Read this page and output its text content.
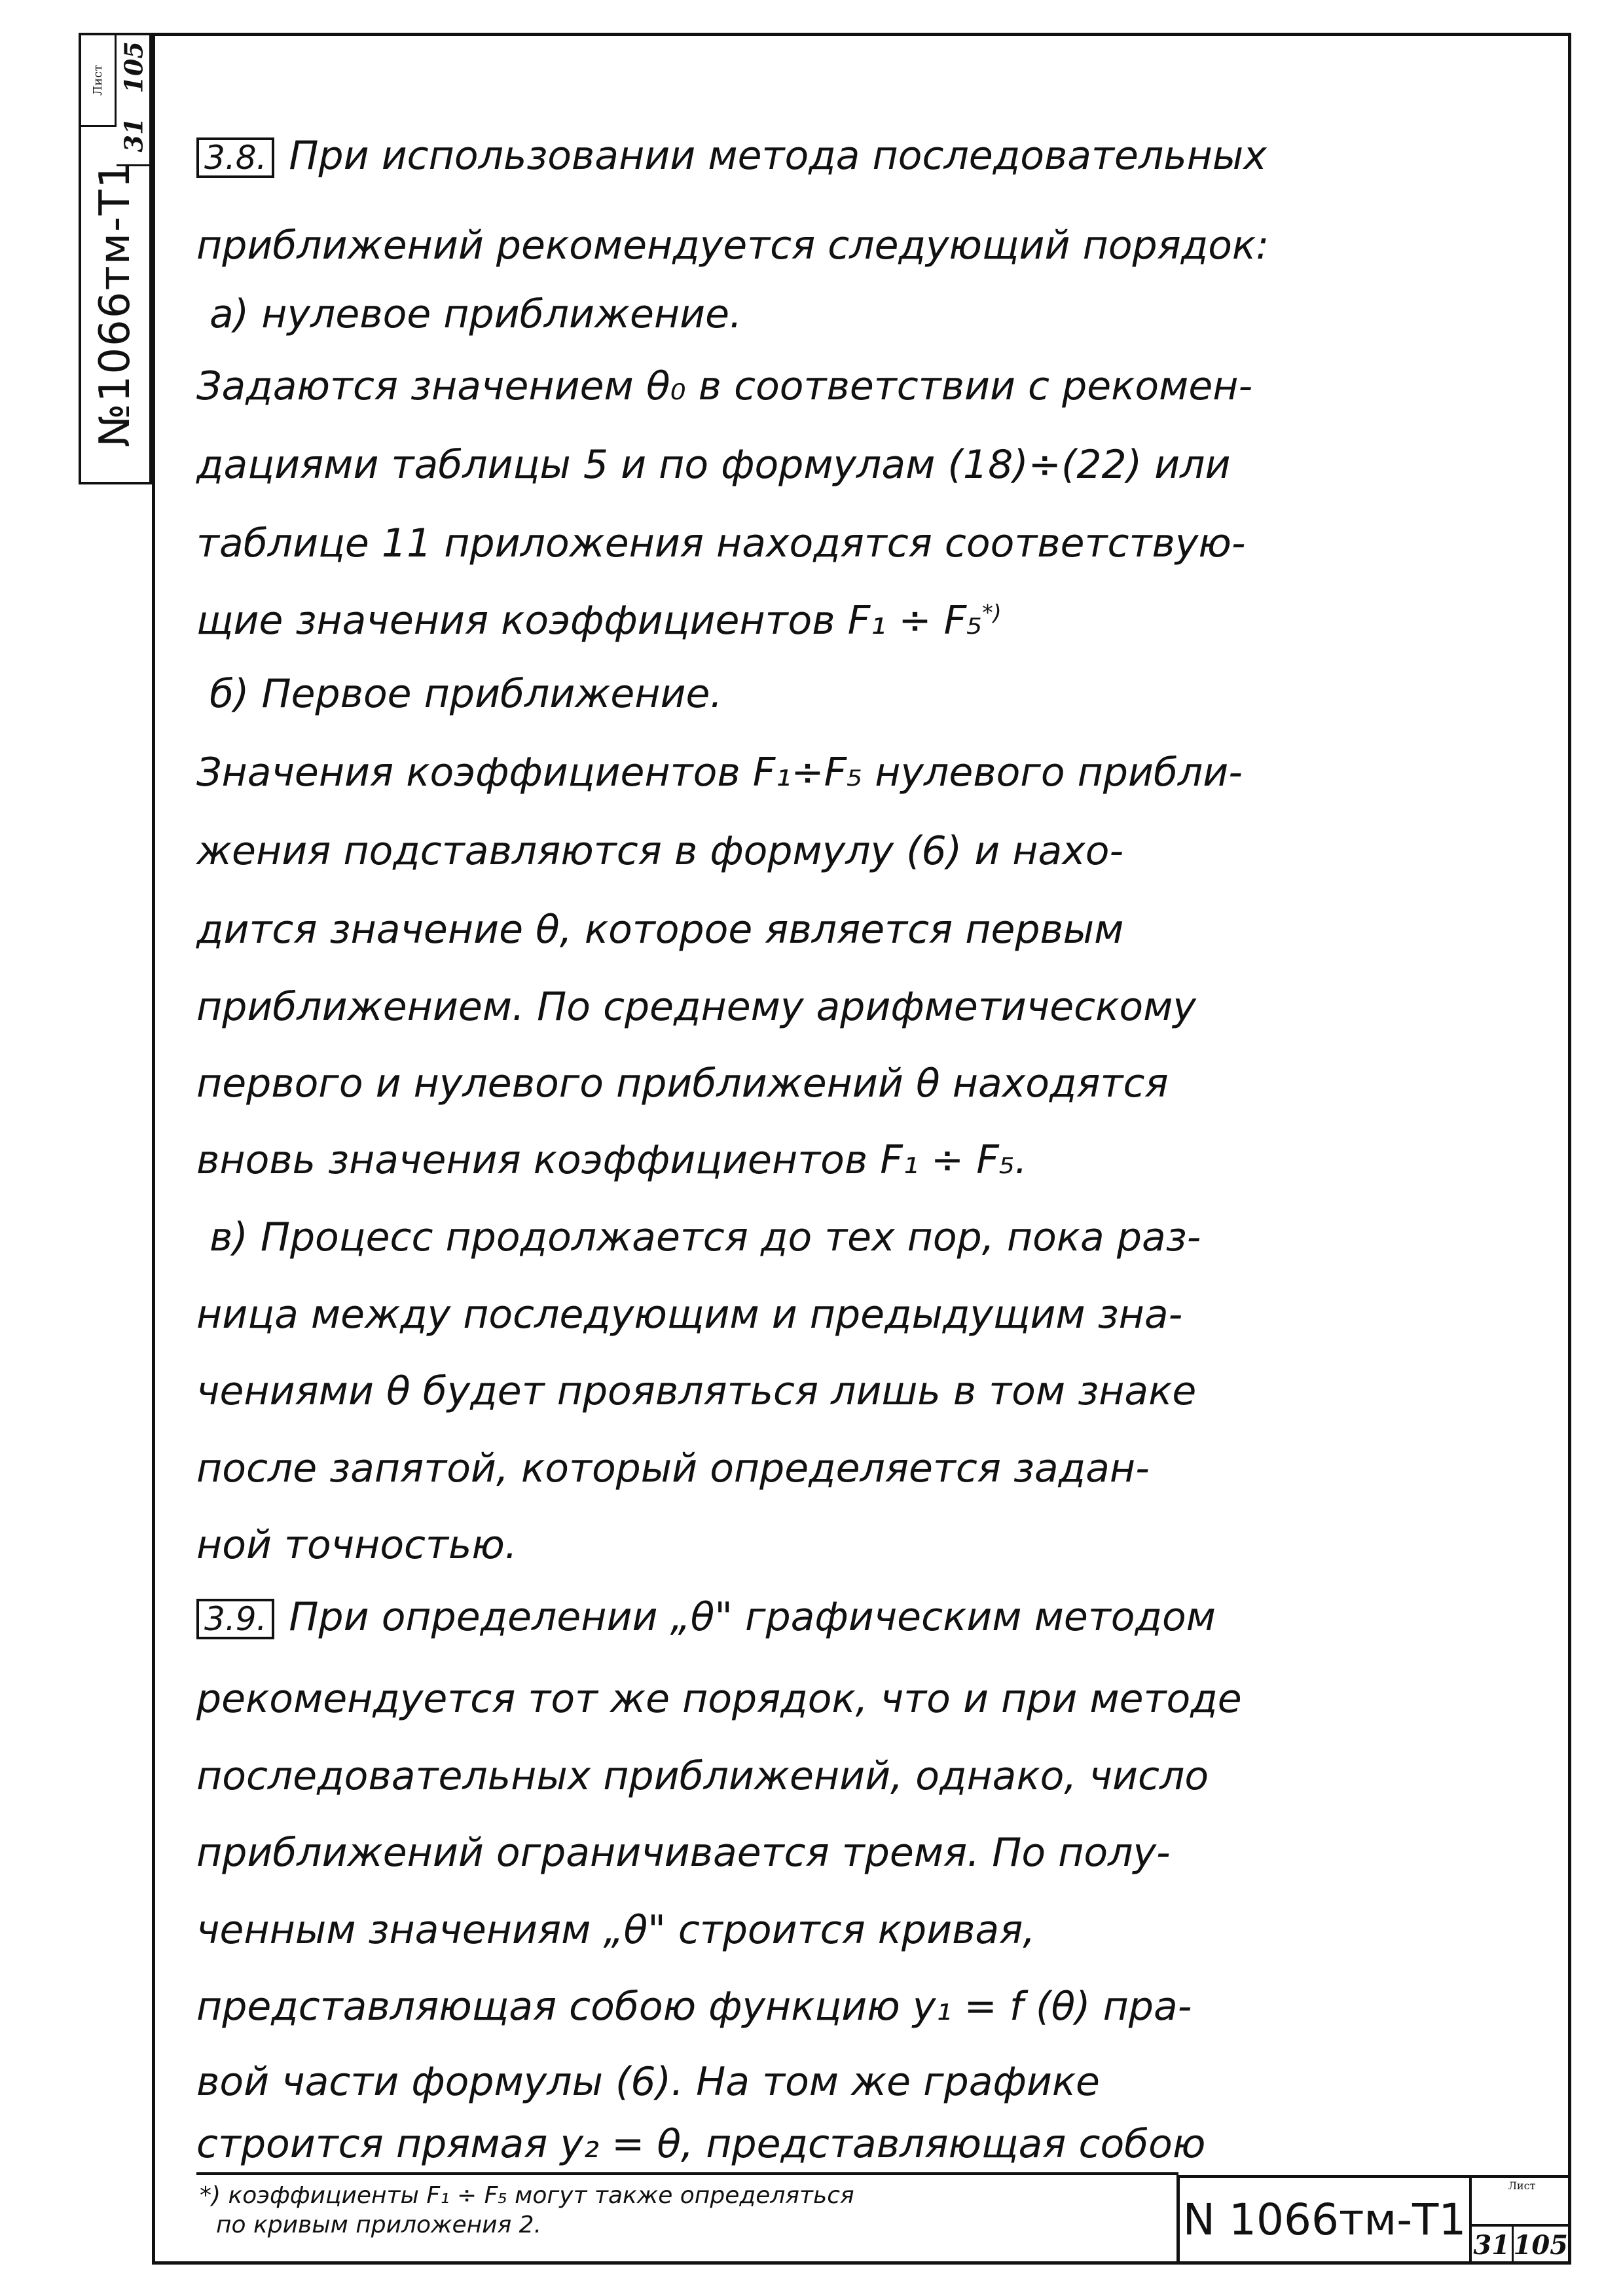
Лист
31
105
№1066тм-Т1
3.8. При использовании метода последовательных
приближений рекомендуется следующий порядок:
а) нулевое приближение.
Задаются значением θ₀ в соответствии с рекомен-
дациями таблицы 5 и по формулам (18)÷(22) или
таблице 11 приложения находятся соответствую-
щие значения коэффициентов F₁ ÷ F₅*)
б) Первое приближение.
Значения коэффициентов F₁÷F₅ нулевого прибли-
жения подставляются в формулу (6) и нахо-
дится значение θ, которое является первым
приближением. По среднему арифметическому
первого и нулевого приближений θ находятся
вновь значения коэффициентов F₁ ÷ F₅.
в) Процесс продолжается до тех пор, пока раз-
ница между последующим и предыдущим зна-
чениями θ будет проявляться лишь в том знаке
после запятой, который определяется задан-
ной точностью.
3.9. При определении „θ" графическим методом
рекомендуется тот же порядок, что и при методе
последовательных приближений, однако, число
приближений ограничивается тремя. По полу-
ченным значениям „θ" строится кривая,
представляющая собою функцию y₁ = f (θ) пра-
вой части формулы (6). На том же графике
строится прямая y₂ = θ, представляющая собою
*) коэффициенты F₁ ÷ F₅ могут также определяться
по кривым приложения 2.	N 1066тм-Т1
Лист
31 105
